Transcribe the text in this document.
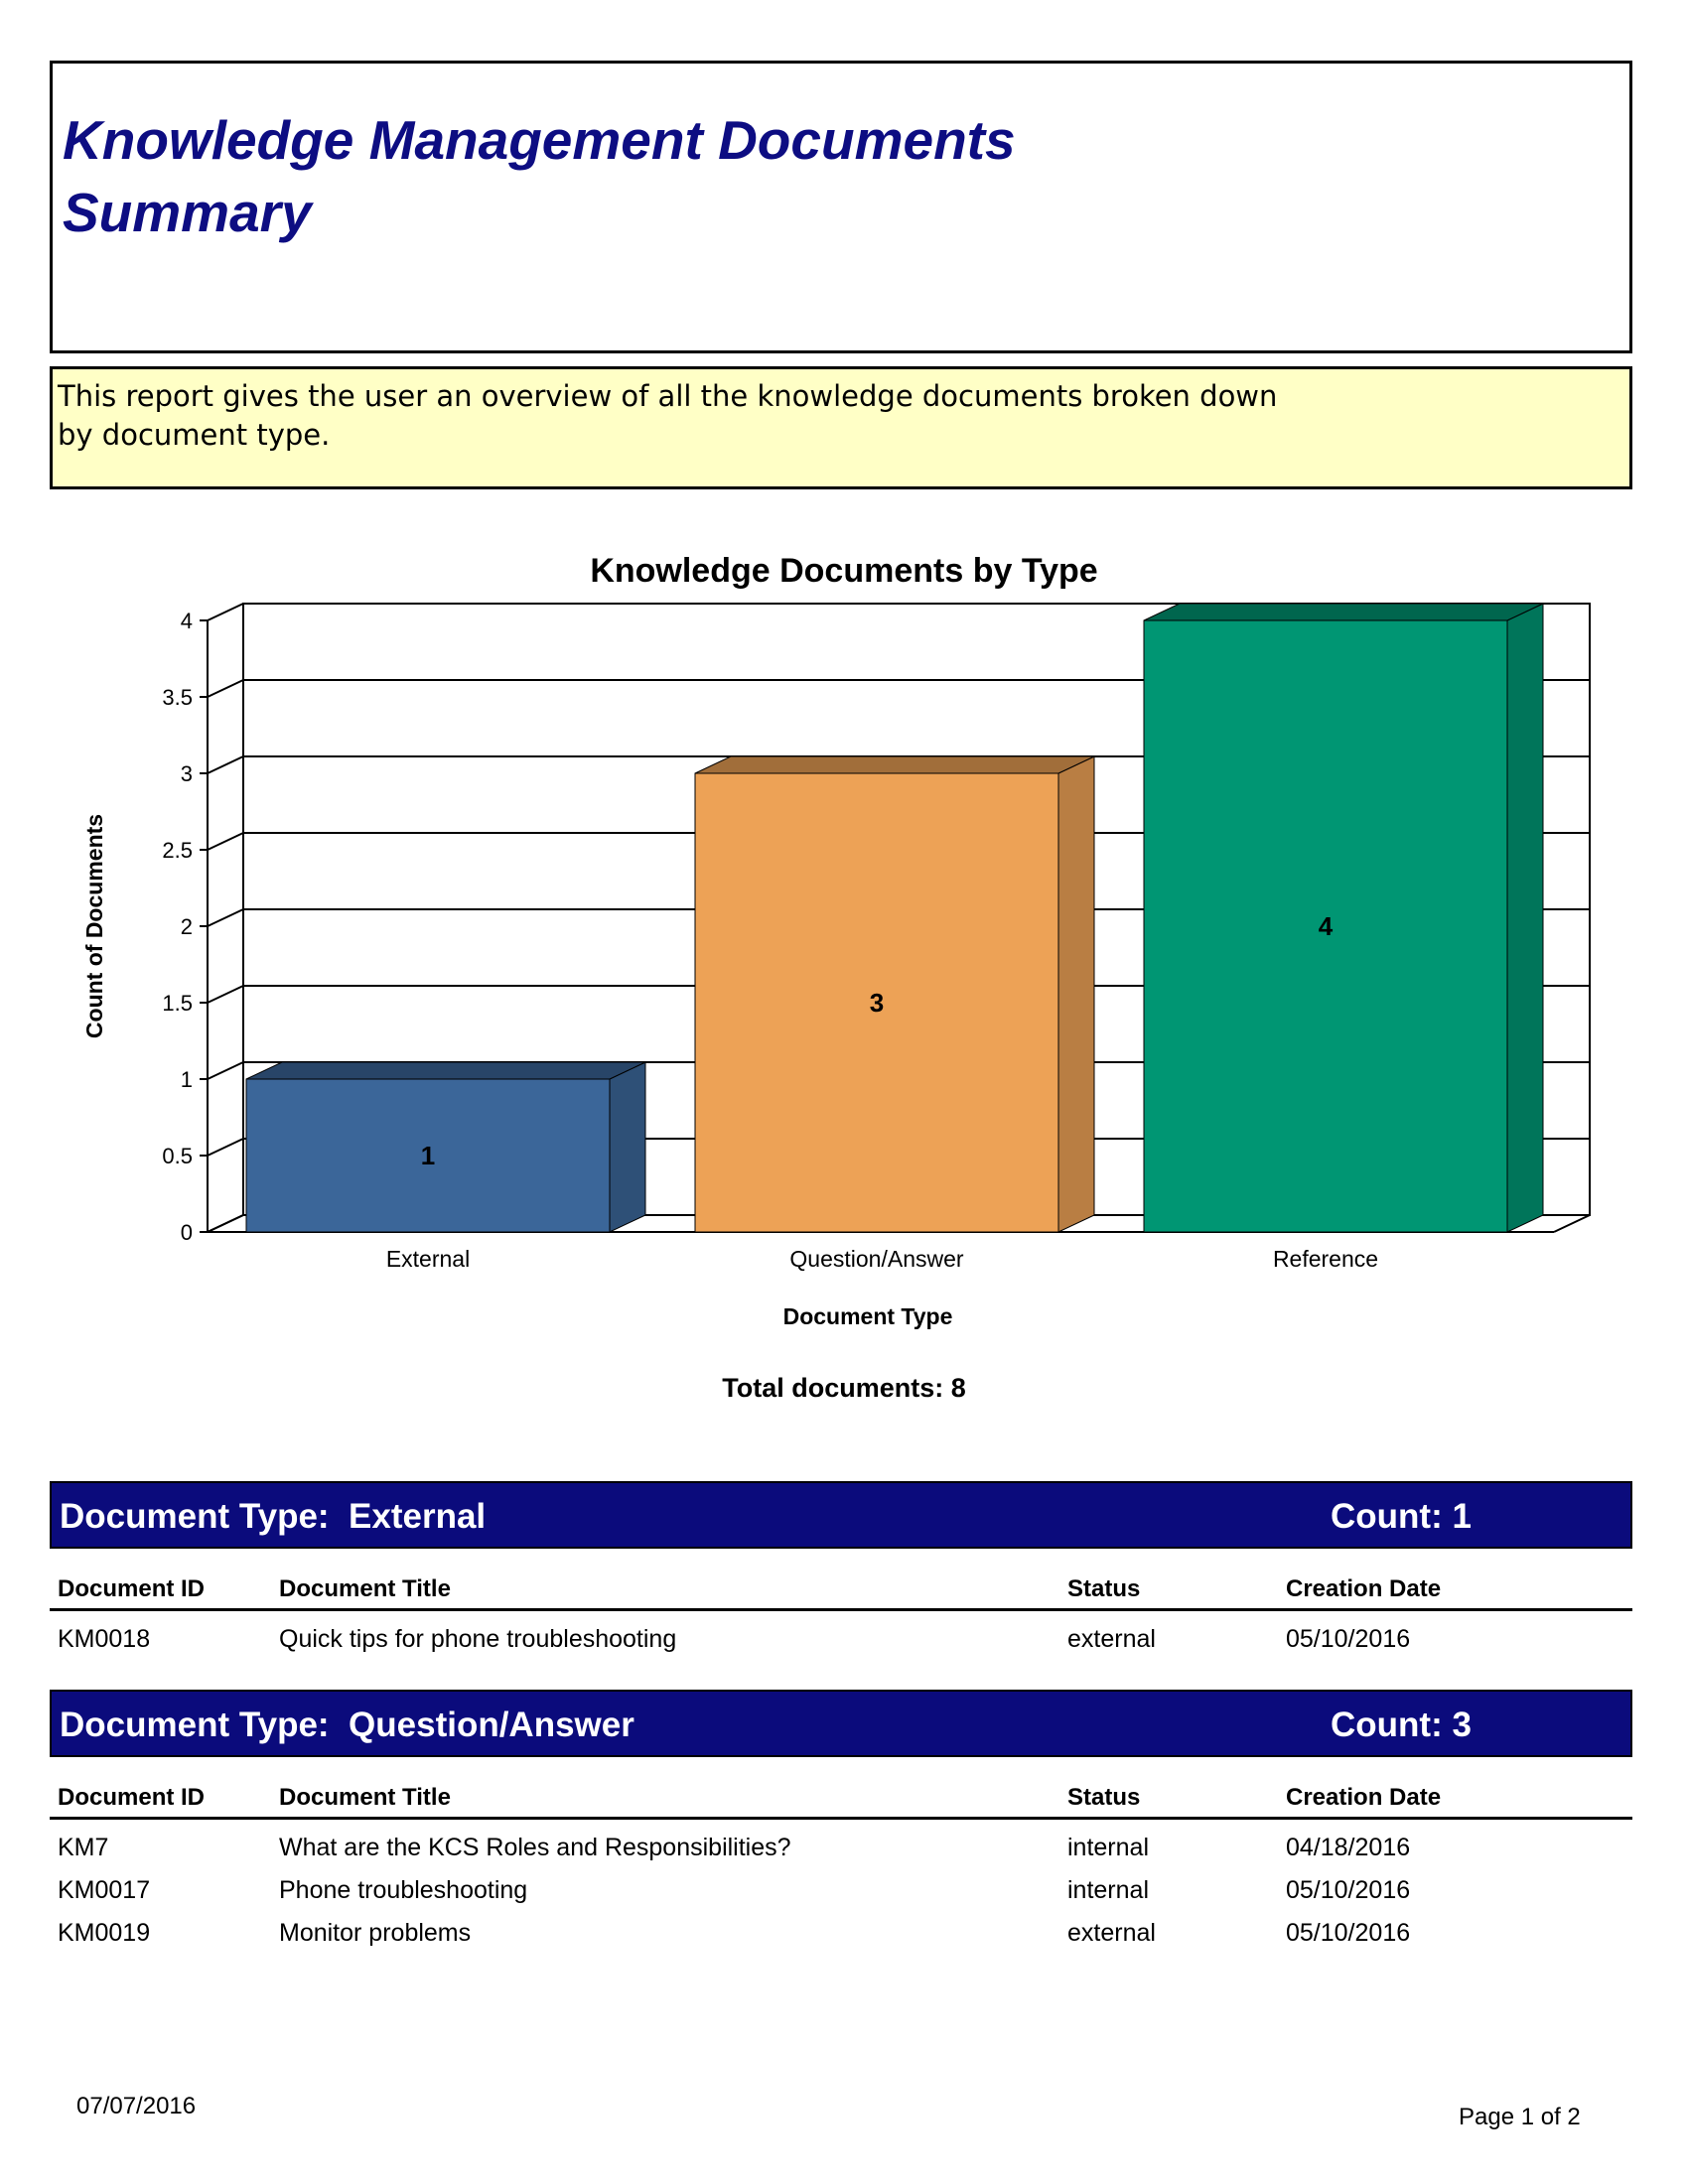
Knowledge Management Documents
Summary
This report gives the user an overview of all the knowledge documents broken down by document type.
0
0.5
1
1.5
2
2.5
3
3.5
4
1
External
3
Question/Answer
4
Reference
Knowledge Documents by Type
Document Type
Count of Documents
Total documents: 8
Document Type:  External	Count: 1
Document ID	Document Title	Status	Creation Date
KM0018	Quick tips for phone troubleshooting	external	05/10/2016
Document Type:  Question/Answer	Count: 3
Document ID	Document Title	Status	Creation Date
KM7	What are the KCS Roles and Responsibilities?	internal	04/18/2016
KM0017	Phone troubleshooting	internal	05/10/2016
KM0019	Monitor problems	external	05/10/2016
07/07/2016	Page 1 of 2
